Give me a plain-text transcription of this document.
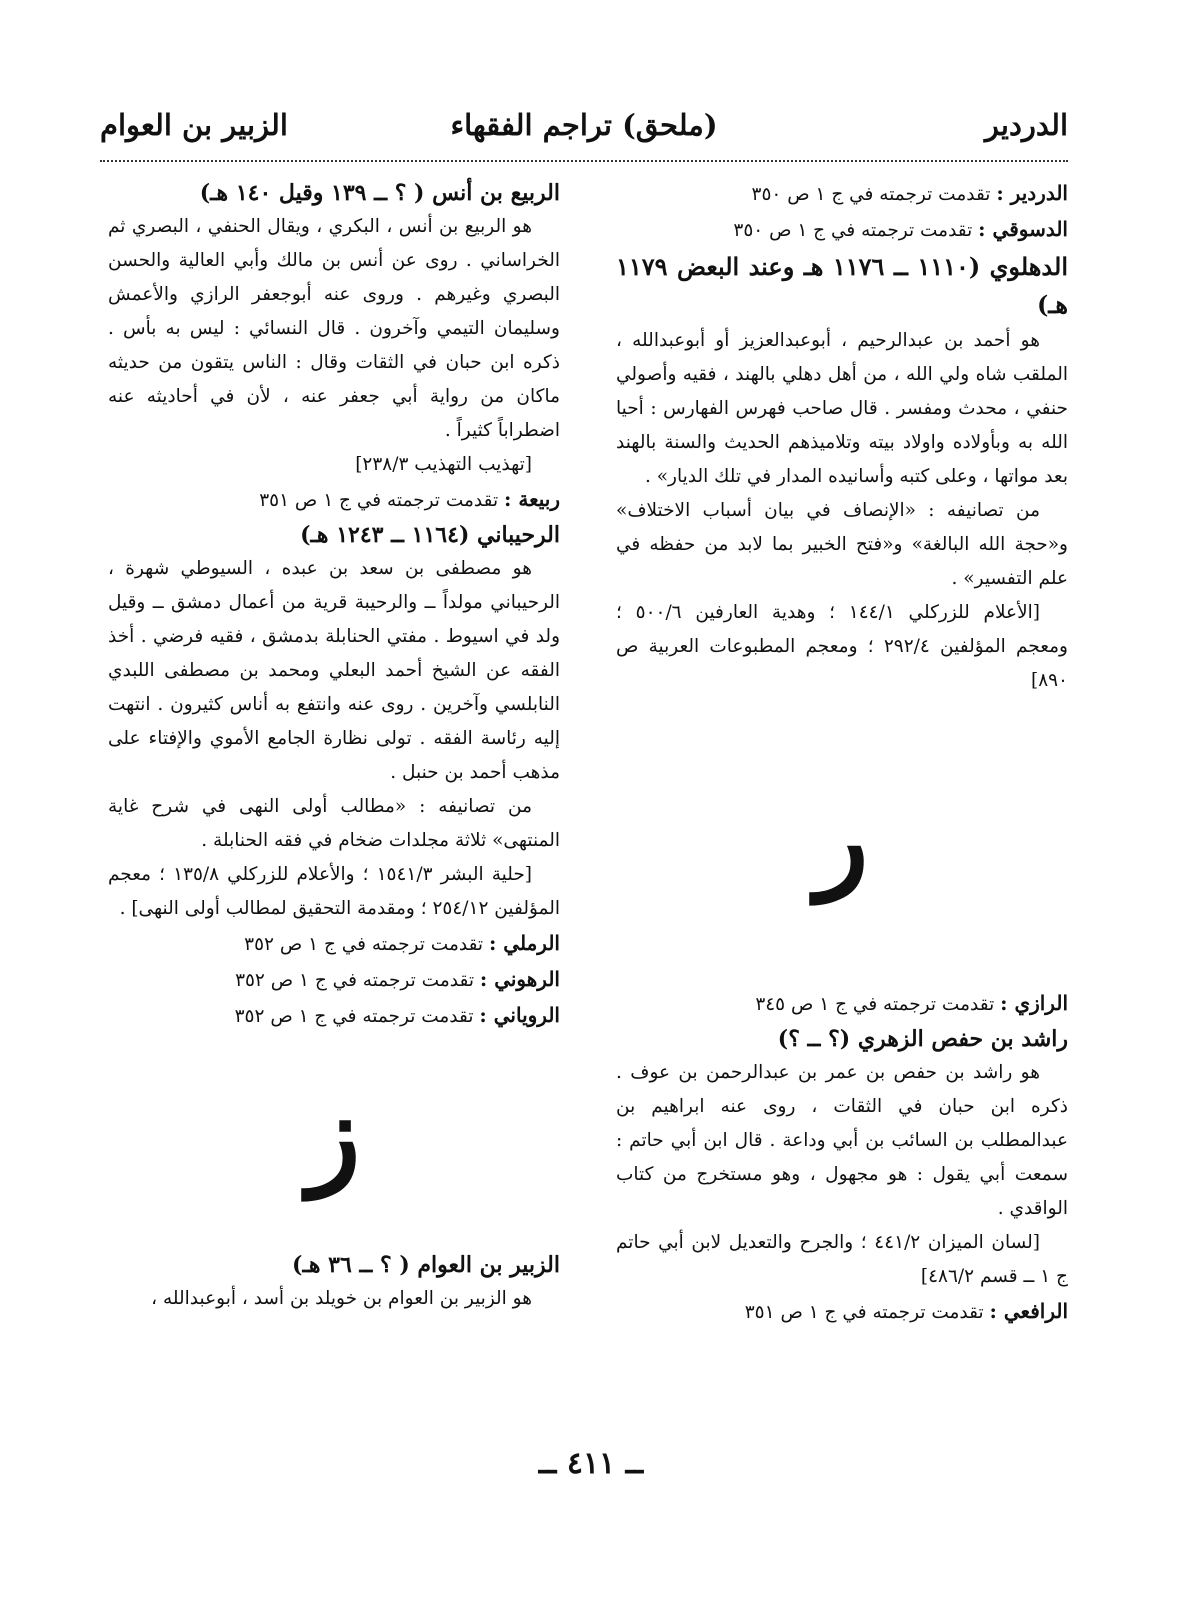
الدردير
(ملحق) تراجم الفقهاء
الزبير بن العوام

الدردير : تقدمت ترجمته في ج ١ ص ٣٥٠

الدسوقي : تقدمت ترجمته في ج ١ ص ٣٥٠

الدهلوي (١١١٠ ــ ١١٧٦ هـ وعند البعض ١١٧٩ هـ)

هو أحمد بن عبدالرحيم ، أبوعبدالعزيز أو أبوعبدالله ، الملقب شاه ولي الله ، من أهل دهلي بالهند ، فقيه وأصولي حنفي ، محدث ومفسر . قال صاحب فهرس الفهارس : أحيا الله به وبأولاده واولاد بيته وتلاميذهم الحديث والسنة بالهند بعد مواتها ، وعلى كتبه وأسانيده المدار في تلك الديار» .

من تصانيفه : «الإنصاف في بيان أسباب الاختلاف» و«حجة الله البالغة» و«فتح الخبير بما لابد من حفظه في علم التفسير» .

[الأعلام للزركلي ١٤٤/١ ؛ وهدية العارفين ٥٠٠/٦ ؛ ومعجم المؤلفين ٢٩٢/٤ ؛ ومعجم المطبوعات العربية ص ٨٩٠]

ر

الرازي : تقدمت ترجمته في ج ١ ص ٣٤٥

راشد بن حفص الزهري (؟ ــ ؟)

هو راشد بن حفص بن عمر بن عبدالرحمن بن عوف . ذكره ابن حبان في الثقات ، روى عنه ابراهيم بن عبدالمطلب بن السائب بن أبي وداعة . قال ابن أبي حاتم : سمعت أبي يقول : هو مجهول ، وهو مستخرج من كتاب الواقدي .

[لسان الميزان ٤٤١/٢ ؛ والجرح والتعديل لابن أبي حاتم ج ١ ــ قسم ٤٨٦/٢]

الرافعي : تقدمت ترجمته في ج ١ ص ٣٥١

الربيع بن أنس ( ؟ ــ ١٣٩ وقيل ١٤٠ هـ)

هو الربيع بن أنس ، البكري ، ويقال الحنفي ، البصري ثم الخراساني . روى عن أنس بن مالك وأبي العالية والحسن البصري وغيرهم . وروى عنه أبوجعفر الرازي والأعمش وسليمان التيمي وآخرون . قال النسائي : ليس به بأس . ذكره ابن حبان في الثقات وقال : الناس يتقون من حديثه ماكان من رواية أبي جعفر عنه ، لأن في أحاديثه عنه اضطراباً كثيراً .

[تهذيب التهذيب ٢٣٨/٣]

ربيعة : تقدمت ترجمته في ج ١ ص ٣٥١

الرحيباني (١١٦٤ ــ ١٢٤٣ هـ)

هو مصطفى بن سعد بن عبده ، السيوطي شهرة ، الرحيباني مولداً ــ والرحيبة قرية من أعمال دمشق ــ وقيل ولد في اسيوط . مفتي الحنابلة بدمشق ، فقيه فرضي . أخذ الفقه عن الشيخ أحمد البعلي ومحمد بن مصطفى اللبدي النابلسي وآخرين . روى عنه وانتفع به أناس كثيرون . انتهت إليه رئاسة الفقه . تولى نظارة الجامع الأموي والإفتاء على مذهب أحمد بن حنبل .

من تصانيفه : «مطالب أولى النهى في شرح غاية المنتهى» ثلاثة مجلدات ضخام في فقه الحنابلة .

[حلية البشر ١٥٤١/٣ ؛ والأعلام للزركلي ١٣٥/٨ ؛ معجم المؤلفين ٢٥٤/١٢ ؛ ومقدمة التحقيق لمطالب أولى النهى] .

الرملي : تقدمت ترجمته في ج ١ ص ٣٥٢

الرهوني : تقدمت ترجمته في ج ١ ص ٣٥٢

الروياني : تقدمت ترجمته في ج ١ ص ٣٥٢

ز

الزبير بن العوام ( ؟ ــ ٣٦ هـ)

هو الزبير بن العوام بن خويلد بن أسد ، أبوعبدالله ،

ــ ٤١١ ــ
